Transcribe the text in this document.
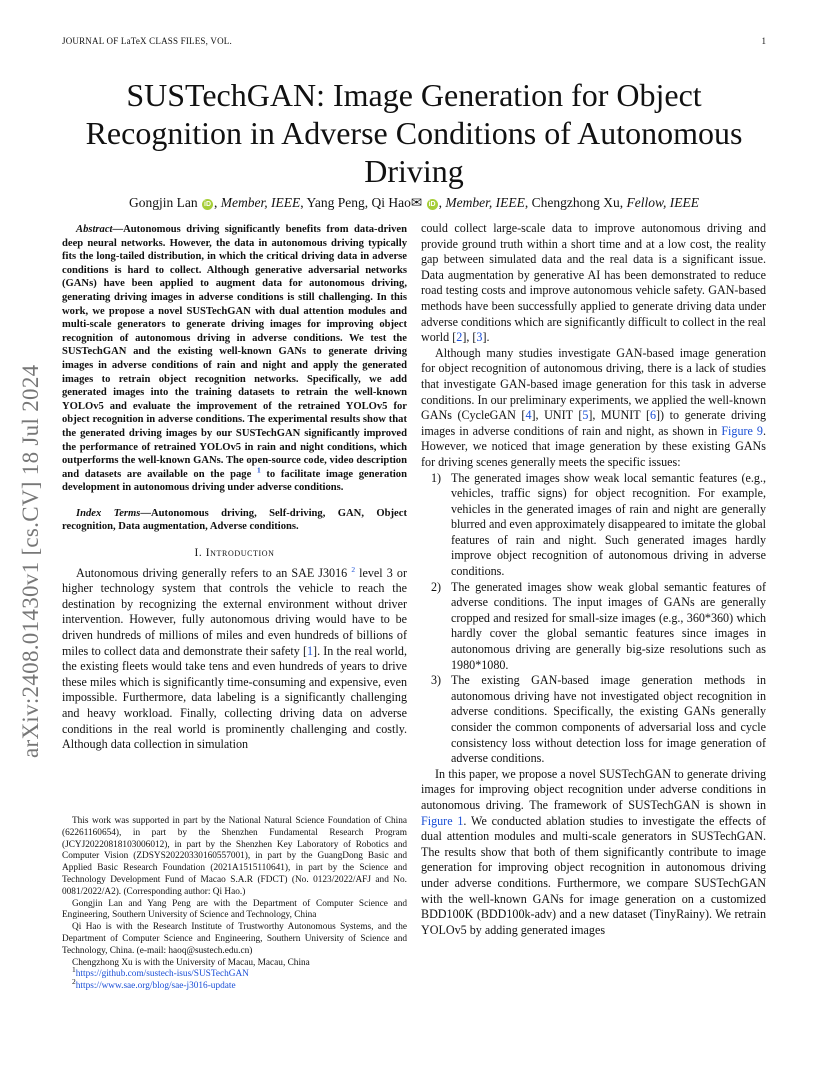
JOURNAL OF LaTeX CLASS FILES, VOL.	1
arXiv:2408.01430v1 [cs.CV] 18 Jul 2024
SUSTechGAN: Image Generation for Object Recognition in Adverse Conditions of Autonomous Driving
Gongjin Lan iD , Member, IEEE, Yang Peng, Qi Hao✉ iD , Member, IEEE, Chengzhong Xu, Fellow, IEEE

Abstract—Autonomous driving significantly benefits from data-driven deep neural networks. However, the data in autonomous driving typically fits the long-tailed distribution, in which the critical driving data in adverse conditions is hard to collect. Although generative adversarial networks (GANs) have been applied to augment data for autonomous driving, generating driving images in adverse conditions is still challenging. In this work, we propose a novel SUSTechGAN with dual attention modules and multi-scale generators to generate driving images for improving object recognition of autonomous driving in adverse conditions. We test the SUSTechGAN and the existing well-known GANs to generate driving images in adverse conditions of rain and night and apply the generated images to retrain object recognition networks. Specifically, we add generated images into the training datasets to retrain the well-known YOLOv5 and evaluate the improvement of the retrained YOLOv5 for object recognition in adverse conditions. The experimental results show that the generated driving images by our SUSTechGAN significantly improved the performance of retrained YOLOv5 in rain and night conditions, which outperforms the well-known GANs. The open-source code, video description and datasets are available on the page $^1$ to facilitate image generation development in autonomous driving under adverse conditions.

Index Terms—Autonomous driving, Self-driving, GAN, Object recognition, Data augmentation, Adverse conditions.

I. Introduction

Autonomous driving generally refers to an SAE J3016 $^2$ level 3 or higher technology system that controls the vehicle to reach the destination by recognizing the external environment without driver intervention. However, fully autonomous driving would have to be driven hundreds of millions of miles and even hundreds of billions of miles to collect data and demonstrate their safety [1]. In the real world, the existing fleets would take tens and even hundreds of years to drive these miles which is significantly time-consuming and expensive, even impossible. Furthermore, data labeling is a significantly challenging and heavy workload. Finally, collecting driving data on adverse conditions in the real world is prominently challenging and costly. Although data collection in simulation

This work was supported in part by the National Natural Science Foundation of China (62261160654), in part by the Shenzhen Fundamental Research Program (JCYJ20220818103006012), in part by the Shenzhen Key Laboratory of Robotics and Computer Vision (ZDSYS20220330160557001), in part by the GuangDong Basic and Applied Basic Research Foundation (2021A1515110641), in part by the Science and Technology Development Fund of Macao S.A.R (FDCT) (No. 0123/2022/AFJ and No. 0081/2022/A2). (Corresponding author: Qi Hao.)

Gongjin Lan and Yang Peng are with the Department of Computer Science and Engineering, Southern University of Science and Technology, China

Qi Hao is with the Research Institute of Trustworthy Autonomous Systems, and the Department of Computer Science and Engineering, Southern University of Science and Technology, China. (e-mail: haoq@sustech.edu.cn)

Chengzhong Xu is with the University of Macau, Macau, China

$^1$https://github.com/sustech-isus/SUSTechGAN

$^2$https://www.sae.org/blog/sae-j3016-update

could collect large-scale data to improve autonomous driving and provide ground truth within a short time and at a low cost, the reality gap between simulated data and the real data is a significant issue. Data augmentation by generative AI has been demonstrated to reduce road testing costs and improve autonomous vehicle safety. GAN-based methods have been successfully applied to generate driving data under adverse conditions which are significantly difficult to collect in the real world [2], [3].

Although many studies investigate GAN-based image generation for object recognition of autonomous driving, there is a lack of studies that investigate GAN-based image generation for this task in adverse conditions. In our preliminary experiments, we applied the well-known GANs (CycleGAN [4], UNIT [5], MUNIT [6]) to generate driving images in adverse conditions of rain and night, as shown in Figure 9. However, we noticed that image generation by these existing GANs for driving scenes generally meets the specific issues:

1) The generated images show weak local semantic features (e.g., vehicles, traffic signs) for object recognition. For example, vehicles in the generated images of rain and night are generally blurred and even approximately disappeared to imitate the global features of rain and night. Such generated images hardly improve object recognition of autonomous driving in adverse conditions.
2) The generated images show weak global semantic features of adverse conditions. The input images of GANs are generally cropped and resized for small-size images (e.g., 360*360) which hardly cover the global semantic features since images in autonomous driving are generally big-size resolutions such as 1980*1080.
3) The existing GAN-based image generation methods in autonomous driving have not investigated object recognition in adverse conditions. Specifically, the existing GANs generally consider the common components of adversarial loss and cycle consistency loss without detection loss for image generation of adverse conditions.

In this paper, we propose a novel SUSTechGAN to generate driving images for improving object recognition under adverse conditions in autonomous driving. The framework of SUSTechGAN is shown in Figure 1. We conducted ablation studies to investigate the effects of dual attention modules and multi-scale generators in SUSTechGAN. The results show that both of them significantly contribute to image generation for improving object recognition in autonomous driving under adverse conditions. Furthermore, we compare SUSTechGAN with the well-known GANs for image generation on a customized BDD100K (BDD100k-adv) and a new dataset (TinyRainy). We retrain YOLOv5 by adding generated images
